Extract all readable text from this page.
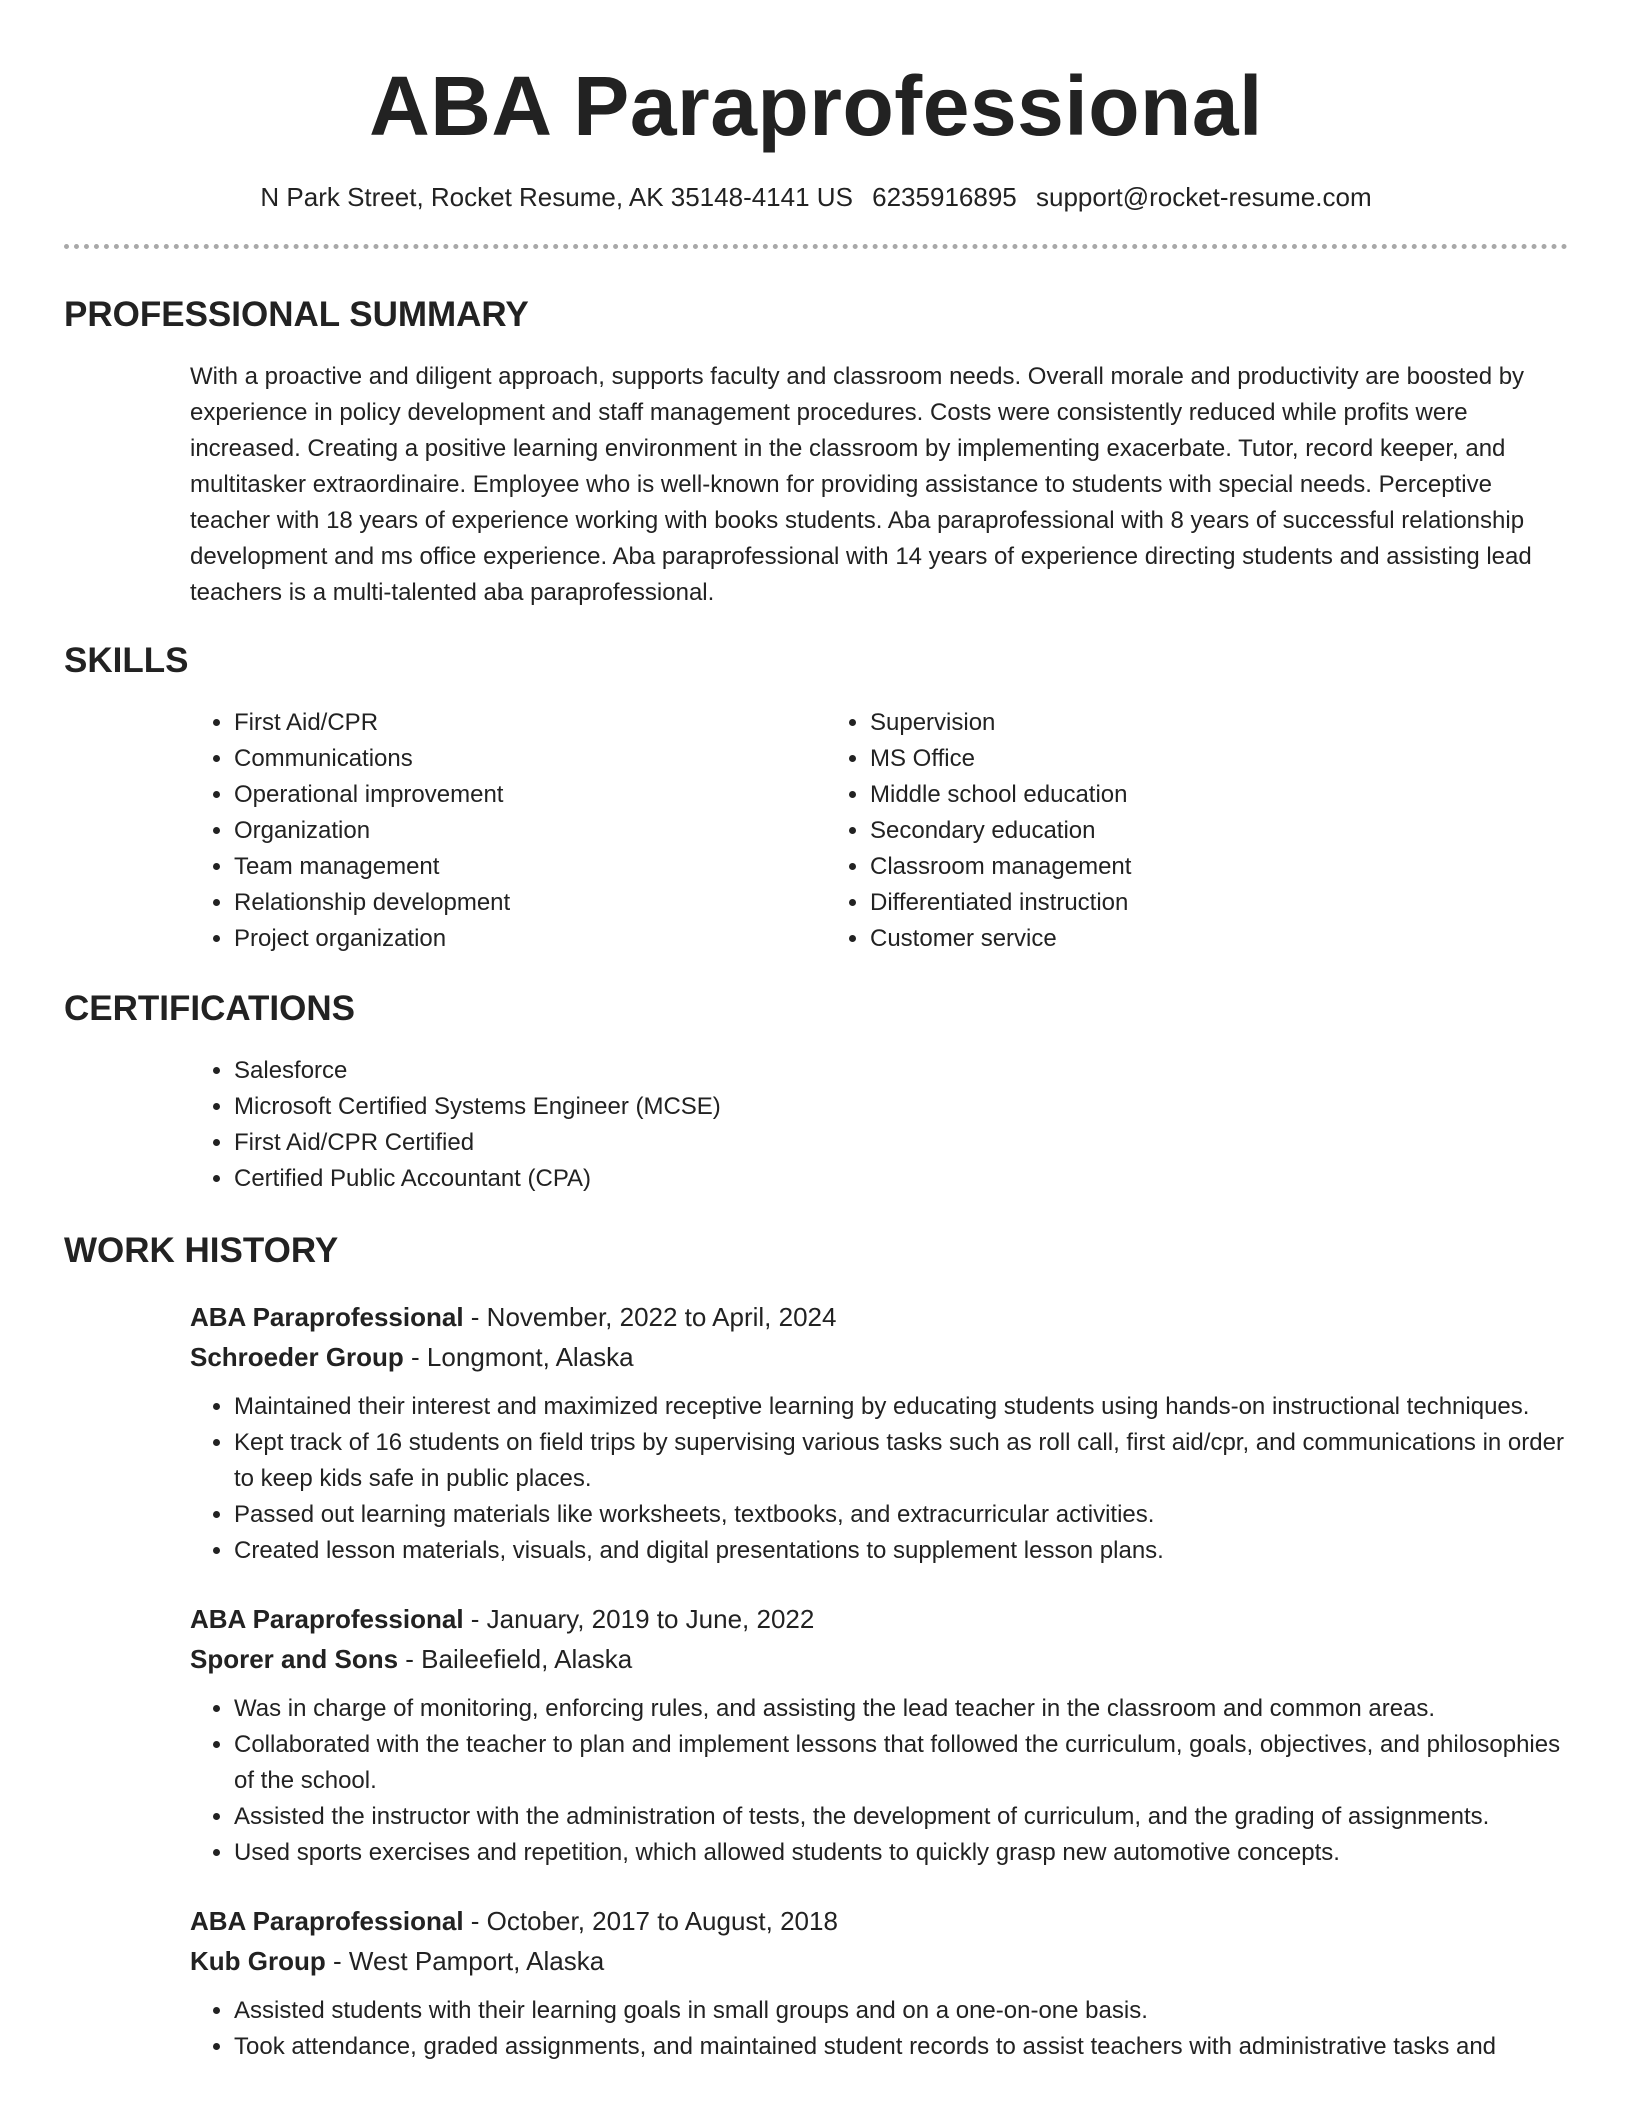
ABA Paraprofessional
N Park Street, Rocket Resume, AK 35148-4141 US 6235916895 support@rocket-resume.com
PROFESSIONAL SUMMARY
With a proactive and diligent approach, supports faculty and classroom needs. Overall morale and productivity are boosted by experience in policy development and staff management procedures. Costs were consistently reduced while profits were increased. Creating a positive learning environment in the classroom by implementing exacerbate. Tutor, record keeper, and multitasker extraordinaire. Employee who is well-known for providing assistance to students with special needs. Perceptive teacher with 18 years of experience working with books students. Aba paraprofessional with 8 years of successful relationship development and ms office experience. Aba paraprofessional with 14 years of experience directing students and assisting lead teachers is a multi-talented aba paraprofessional.
SKILLS
• First Aid/CPR
• Communications
• Operational improvement
• Organization
• Team management
• Relationship development
• Project organization
• Supervision
• MS Office
• Middle school education
• Secondary education
• Classroom management
• Differentiated instruction
• Customer service
CERTIFICATIONS
• Salesforce
• Microsoft Certified Systems Engineer (MCSE)
• First Aid/CPR Certified
• Certified Public Accountant (CPA)
WORK HISTORY
ABA Paraprofessional - November, 2022 to April, 2024
Schroeder Group - Longmont, Alaska
• Maintained their interest and maximized receptive learning by educating students using hands-on instructional techniques.
• Kept track of 16 students on field trips by supervising various tasks such as roll call, first aid/cpr, and communications in order to keep kids safe in public places.
• Passed out learning materials like worksheets, textbooks, and extracurricular activities.
• Created lesson materials, visuals, and digital presentations to supplement lesson plans.
ABA Paraprofessional - January, 2019 to June, 2022
Sporer and Sons - Baileefield, Alaska
• Was in charge of monitoring, enforcing rules, and assisting the lead teacher in the classroom and common areas.
• Collaborated with the teacher to plan and implement lessons that followed the curriculum, goals, objectives, and philosophies of the school.
• Assisted the instructor with the administration of tests, the development of curriculum, and the grading of assignments.
• Used sports exercises and repetition, which allowed students to quickly grasp new automotive concepts.
ABA Paraprofessional - October, 2017 to August, 2018
Kub Group - West Pamport, Alaska
• Assisted students with their learning goals in small groups and on a one-on-one basis.
• Took attendance, graded assignments, and maintained student records to assist teachers with administrative tasks and
